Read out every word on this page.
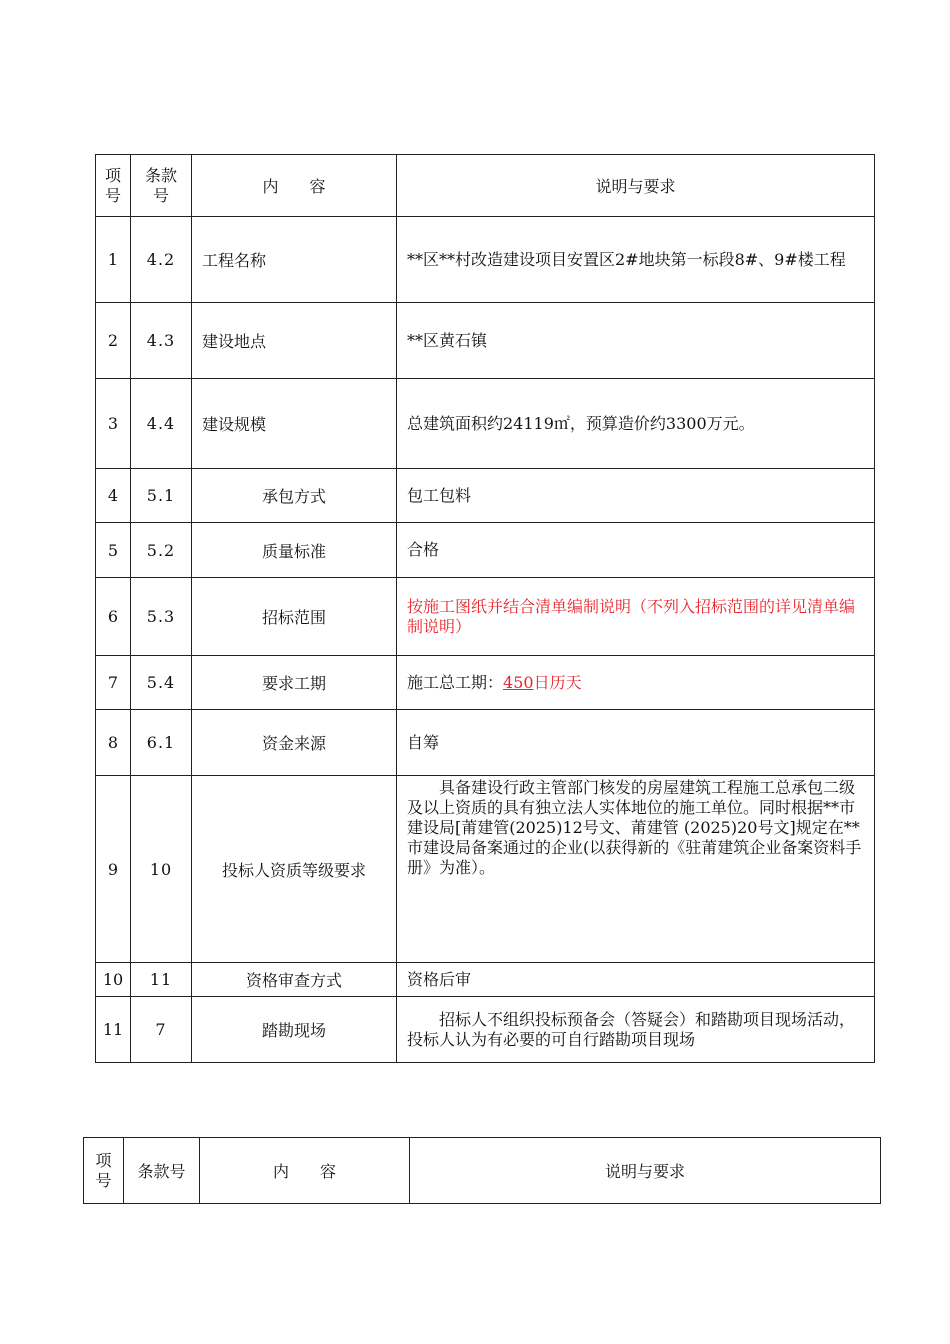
项号	条款号	内 容	说明与要求
1	4.2	工程名称	**区**村改造建设项目安置区2#地块第一标段8#、9#楼工程
2	4.3	建设地点	**区黄石镇
3	4.4	建设规模	总建筑面积约24119㎡，预算造价约3300万元。
4	5.1	承包方式	包工包料
5	5.2	质量标准	合格
6	5.3	招标范围	按施工图纸并结合清单编制说明（不列入招标范围的详见清单编制说明）
7	5.4	要求工期	施工总工期：450日历天
8	6.1	资金来源	自筹
9	10	投标人资质等级要求	具备建设行政主管部门核发的房屋建筑工程施工总承包二级及以上资质的具有独立法人实体地位的施工单位。同时根据**市建设局[莆建管(2025)12号文、莆建管 (2025)20号文]规定在**市建设局备案通过的企业(以获得新的《驻莆建筑企业备案资料手册》为准）。

10	11	资格审查方式	资格后审
11	7	踏勘现场	招标人不组织投标预备会（答疑会）和踏勘项目现场活动，投标人认为有必要的可自行踏勘项目现场
项号	条款号	内 容	说明与要求
